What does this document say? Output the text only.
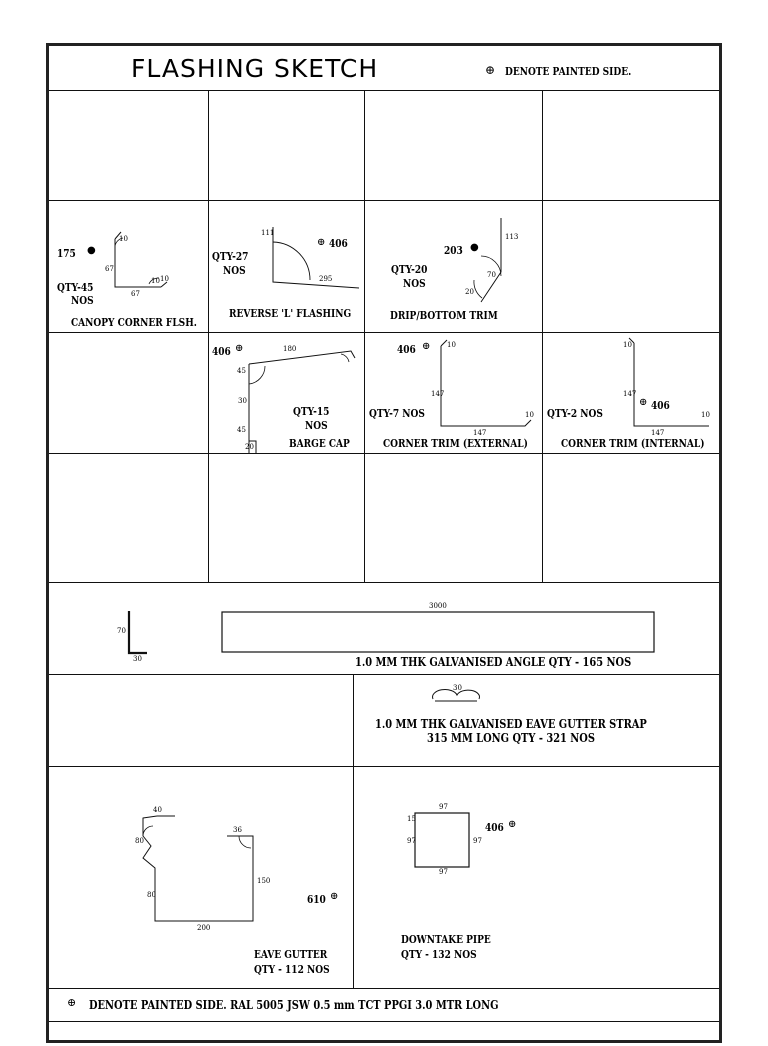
FLASHING SKETCH	⊕ DENOTE PAINTED SIDE.
175 ●
QTY-45
NOS
CANOPY CORNER FLSH.
10
67
67
10 10
⊕ 406
QTY-27
NOS
REVERSE 'L' FLASHING
111
295
203 ●
QTY-20
NOS
DRIP/BOTTOM TRIM
113
70
20
406 ⊕	180
45
30
45
20
QTY-15
NOS
BARGE CAP
406 ⊕
QTY-7 NOS
CORNER TRIM (EXTERNAL)
10
147
147
10
⊕ 406
QTY-2 NOS
CORNER TRIM (INTERNAL)
10
147
147
10
70
30
3000
1.0 MM THK GALVANISED ANGLE QTY - 165 NOS
30
1.0 MM THK GALVANISED EAVE GUTTER STRAP
315 MM LONG QTY - 321 NOS
40
80
80
200
150
36
610 ⊕
EAVE GUTTER
QTY - 112 NOS
97
97	97
97
15
406 ⊕
DOWNTAKE PIPE
QTY - 132 NOS
⊕ DENOTE PAINTED SIDE. RAL 5005 JSW 0.5 mm TCT PPGI 3.0 MTR LONG
